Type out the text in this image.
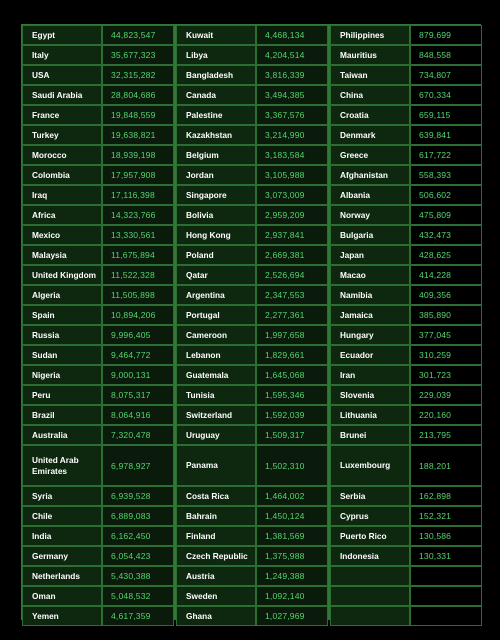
Egypt	44,823,547
Italy	35,677,323
USA	32,315,282
Saudi Arabia	28,804,686
France	19,848,559
Turkey	19,638,821
Morocco	18,939,198
Colombia	17,957,908
Iraq	17,116,398
Africa	14,323,766
Mexico	13,330,561
Malaysia	11,675,894
United Kingdom	11,522,328
Algeria	11,505,898
Spain	10,894,206
Russia	9,996,405
Sudan	9,464,772
Nigeria	9,000,131
Peru	8,075,317
Brazil	8,064,916
Australia	7,320,478
United Arab Emirates	6,978,927
Syria	6,939,528
Chile	6,889,083
India	6,162,450
Germany	6,054,423
Netherlands	5,430,388
Oman	5,048,532
Yemen	4,617,359
Kuwait	4,468,134
Libya	4,204,514
Bangladesh	3,816,339
Canada	3,494,385
Palestine	3,367,576
Kazakhstan	3,214,990
Belgium	3,183,584
Jordan	3,105,988
Singapore	3,073,009
Bolivia	2,959,209
Hong Kong	2,937,841
Poland	2,669,381
Qatar	2,526,694
Argentina	2,347,553
Portugal	2,277,361
Cameroon	1,997,658
Lebanon	1,829,661
Guatemala	1,645,068
Tunisia	1,595,346
Switzerland	1,592,039
Uruguay	1,509,317
Panama	1,502,310
Costa Rica	1,464,002
Bahrain	1,450,124
Finland	1,381,569
Czech Republic	1,375,988
Austria	1,249,388
Sweden	1,092,140
Ghana	1,027,969
Philippines	879,699
Mauritius	848,558
Taiwan	734,807
China	670,334
Croatia	659,115
Denmark	639,841
Greece	617,722
Afghanistan	558,393
Albania	506,602
Norway	475,809
Bulgaria	432,473
Japan	428,625
Macao	414,228
Namibia	409,356
Jamaica	385,890
Hungary	377,045
Ecuador	310,259
Iran	301,723
Slovenia	229,039
Lithuania	220,160
Brunei	213,795
Luxembourg	188,201
Serbia	162,898
Cyprus	152,321
Puerto Rico	130,586
Indonesia	130,331
